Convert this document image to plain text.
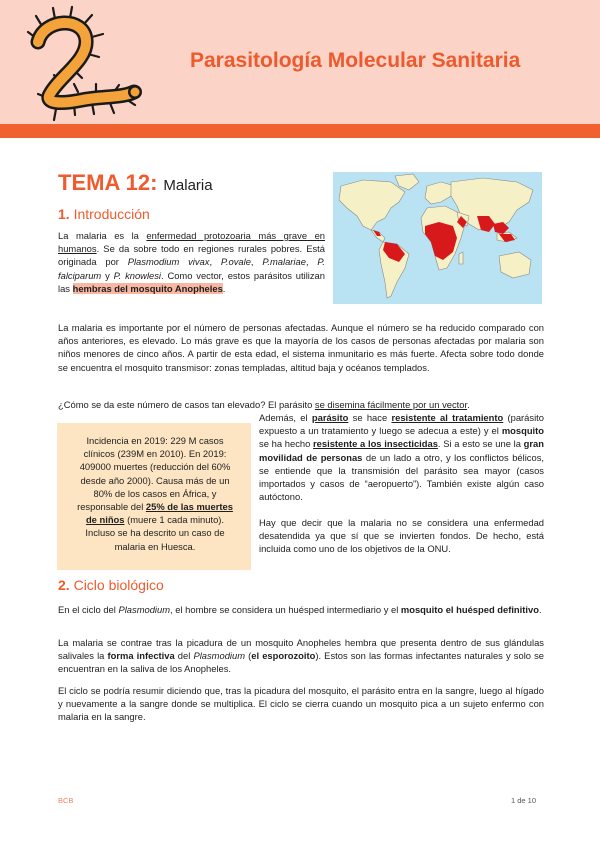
Parasitología Molecular Sanitaria
TEMA 12: Malaria
1. Introducción
La malaria es la enfermedad protozoaria más grave en humanos. Se da sobre todo en regiones rurales pobres. Está originada por Plasmodium vivax, P.ovale, P.malariae, P. falciparum y P. knowlesi. Como vector, estos parásitos utilizan las hembras del mosquito Anopheles.
La malaria es importante por el número de personas afectadas. Aunque el número se ha reducido comparado con años anteriores, es elevado. Lo más grave es que la mayoría de los casos de personas afectadas por malaria son niños menores de cinco años. A partir de esta edad, el sistema inmunitario es más fuerte. Afecta sobre todo donde se encuentra el mosquito transmisor: zonas templadas, altitud baja y océanos templados.
¿Cómo se da este número de casos tan elevado? El parásito se disemina fácilmente por un vector.
Incidencia en 2019: 229 M casos clínicos (239M en 2010). En 2019: 409000 muertes (reducción del 60% desde año 2000). Causa más de un 80% de los casos en África, y responsable del 25% de las muertes de niños (muere 1 cada minuto). Incluso se ha descrito un caso de malaria en Huesca.
Además, el parásito se hace resistente al tratamiento (parásito expuesto a un tratamiento y luego se adecua a este) y el mosquito se ha hecho resistente a los insecticidas. Si a esto se une la gran movilidad de personas de un lado a otro, y los conflictos bélicos, se entiende que la transmisión del parásito sea mayor (casos importados y casos de “aeropuerto”). También existe algún caso autóctono.
Hay que decir que la malaria no se considera una enfermedad desatendida ya que sí que se invierten fondos. De hecho, está incluida como uno de los objetivos de la ONU.
2. Ciclo biológico
En el ciclo del Plasmodium, el hombre se considera un huésped intermediario y el mosquito el huésped definitivo.
La malaria se contrae tras la picadura de un mosquito Anopheles hembra que presenta dentro de sus glándulas salivales la forma infectiva del Plasmodium (el esporozoito). Estos son las formas infectantes naturales y solo se encuentran en la saliva de los Anopheles.
El ciclo se podría resumir diciendo que, tras la picadura del mosquito, el parásito entra en la sangre, luego al hígado y nuevamente a la sangre donde se multiplica. El ciclo se cierra cuando un mosquito pica a un sujeto enfermo con malaria en la sangre.
BCB	1 de 10
